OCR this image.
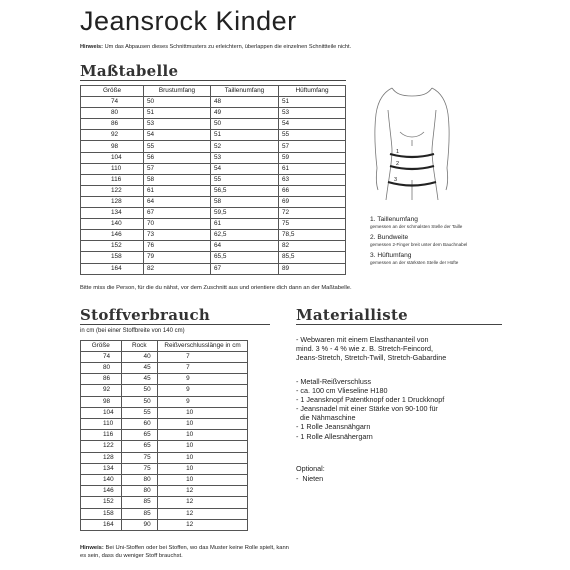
Jeansrock Kinder
Hinweis: Um das Abpausen dieses Schnittmusters zu erleichtern, überlappen die einzelnen Schnittteile nicht.
Maßtabelle
Größe	Brustumfang	Taillenumfang	Hüftumfang
74	50	48	51
80	51	49	53
86	53	50	54
92	54	51	55
98	55	52	57
104	56	53	59
110	57	54	61
116	58	55	63
122	61	56,5	66
128	64	58	69
134	67	59,5	72
140	70	61	75
146	73	62,5	78,5
152	76	64	82
158	79	65,5	85,5
164	82	67	89
Bitte miss die Person, für die du nähst, vor dem Zuschnitt aus und orientiere dich dann an der Maßtabelle.
1
2
3
1. Taillenumfang
gemessen an der schmalsten Stelle der Taille
2. Bundweite
gemessen 2-Finger breit unter dem Bauchnabel
3. Hüftumfang
gemessen an der stärksten Stelle der Hüfte
Stoffverbrauch
in cm (bei einer Stoffbreite von 140 cm)
Größe	Rock	Reißverschlusslänge in cm
74	40	7
80	45	7
86	45	9
92	50	9
98	50	9
104	55	10
110	60	10
116	65	10
122	65	10
128	75	10
134	75	10
140	80	10
146	80	12
152	85	12
158	85	12
164	90	12
Hinweis: Bei Uni-Stoffen oder bei Stoffen, wo das Muster keine Rolle spielt, kann
es sein, dass du weniger Stoff brauchst.
Materialliste
- Webwaren mit einem Elasthananteil von
mind. 3 % - 4 % wie z. B. Stretch-Feincord,
Jeans-Stretch, Stretch-Twill, Stretch-Gabardine
- Metall-Reißverschluss
- ca. 100 cm Vlieseline H180
- 1 Jeansknopf Patentknopf oder 1 Druckknopf
- Jeansnadel mit einer Stärke von 90-100 für
die Nähmaschine
- 1 Rolle Jeansnähgarn
- 1 Rolle Allesnähergarn
Optional:
-  Nieten
